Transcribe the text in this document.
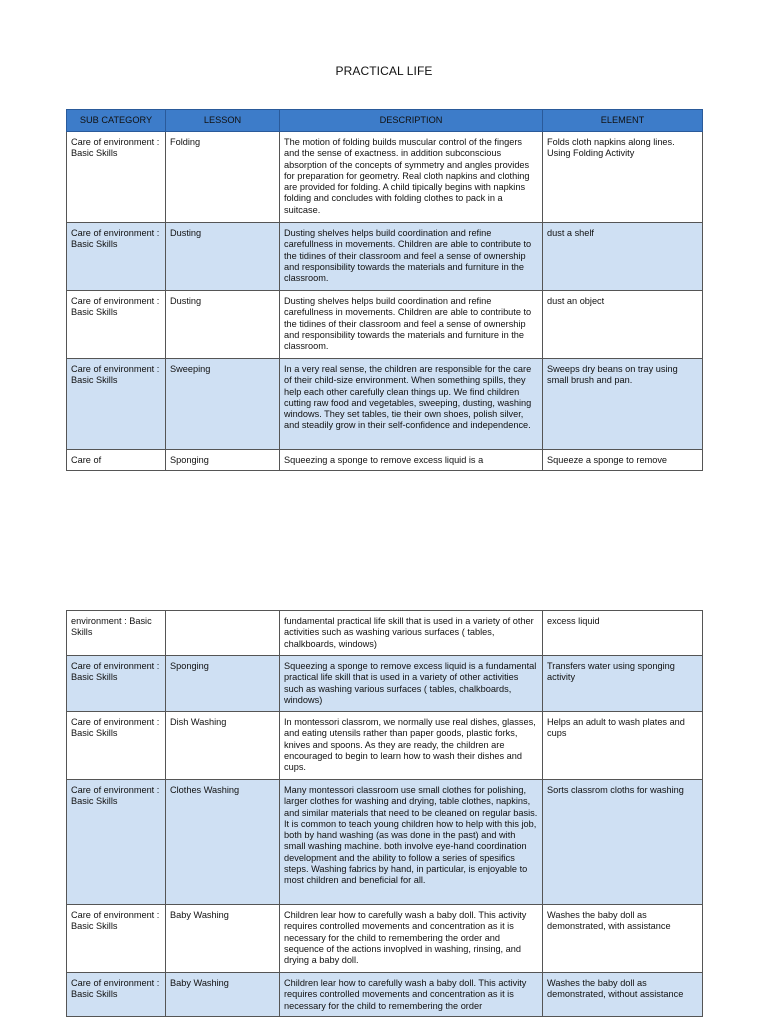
PRACTICAL LIFE
SUB CATEGORY	LESSON	DESCRIPTION	ELEMENT
Care of environment : Basic Skills	Folding	The motion of folding builds muscular control of the fingers and the sense of exactness. in addition subconscious absorption of the concepts of symmetry and angles provides for preparation for geometry. Real cloth napkins and clothing are provided for folding. A child tipically begins with napkins folding and concludes with folding clothes to pack in a suitcase.	Folds cloth napkins along lines. Using Folding Activity
Care of environment : Basic Skills	Dusting	Dusting shelves helps build coordination and refine carefullness in movements. Children are able to contribute to the tidines of their classroom and feel a sense of ownership and responsibility towards the materials and furniture in the classroom.	dust a shelf
Care of environment : Basic Skills	Dusting	Dusting shelves helps build coordination and refine carefullness in movements. Children are able to contribute to the tidines of their classroom and feel a sense of ownership and responsibility towards the materials and furniture in the classroom.	dust an object
Care of environment : Basic Skills	Sweeping	In a very real sense, the children are responsible for the care of their child-size environment. When something spills, they help each other carefully clean things up. We find children cutting raw food and vegetables, sweeping, dusting, washing windows. They set tables, tie their own shoes, polish silver, and steadily grow in their self-confidence and independence.	Sweeps dry beans on tray using small brush and pan.
Care of	Sponging	Squeezing a sponge to remove excess liquid is a	Squeeze a sponge to remove
environment : Basic Skills		fundamental practical life skill that is used in a variety of other activities such as washing various surfaces ( tables, chalkboards, windows)	excess liquid
Care of environment : Basic Skills	Sponging	Squeezing a sponge to remove excess liquid is a fundamental practical life skill that is used in a variety of other activities such as washing various surfaces ( tables, chalkboards, windows)	Transfers water using sponging activity
Care of environment : Basic Skills	Dish Washing	In montessori classrom, we normally use real dishes, glasses, and eating utensils rather than paper goods, plastic forks, knives and spoons. As they are ready, the children are encouraged to begin to learn how to wash their dishes and cups.	Helps an adult to wash plates and cups
Care of environment : Basic Skills	Clothes Washing	Many montessori classroom use small clothes for polishing, larger clothes for washing and drying, table clothes, napkins, and similar materials that need to be cleaned on regular basis. It is common to teach young children how to help with this job, both by hand washing (as was done in the past) and with small washing machine. both involve eye-hand coordination development and the ability to follow a series of spesifics steps. Washing fabrics by hand, in particular, is enjoyable to most children and beneficial for all.	Sorts classrom cloths for washing
Care of environment : Basic Skills	Baby Washing	Children lear how to carefully wash a baby doll. This activity requires controlled movements and concentration as it is necessary for the child to remembering the order and sequence of the actions invoplved in washing, rinsing, and drying a baby doll.	Washes the baby doll as demonstrated, with assistance
Care of environment : Basic Skills	Baby Washing	Children lear how to carefully wash a baby doll. This activity requires controlled movements and concentration as it is necessary for the child to remembering the order	Washes the baby doll as demonstrated, without assistance
